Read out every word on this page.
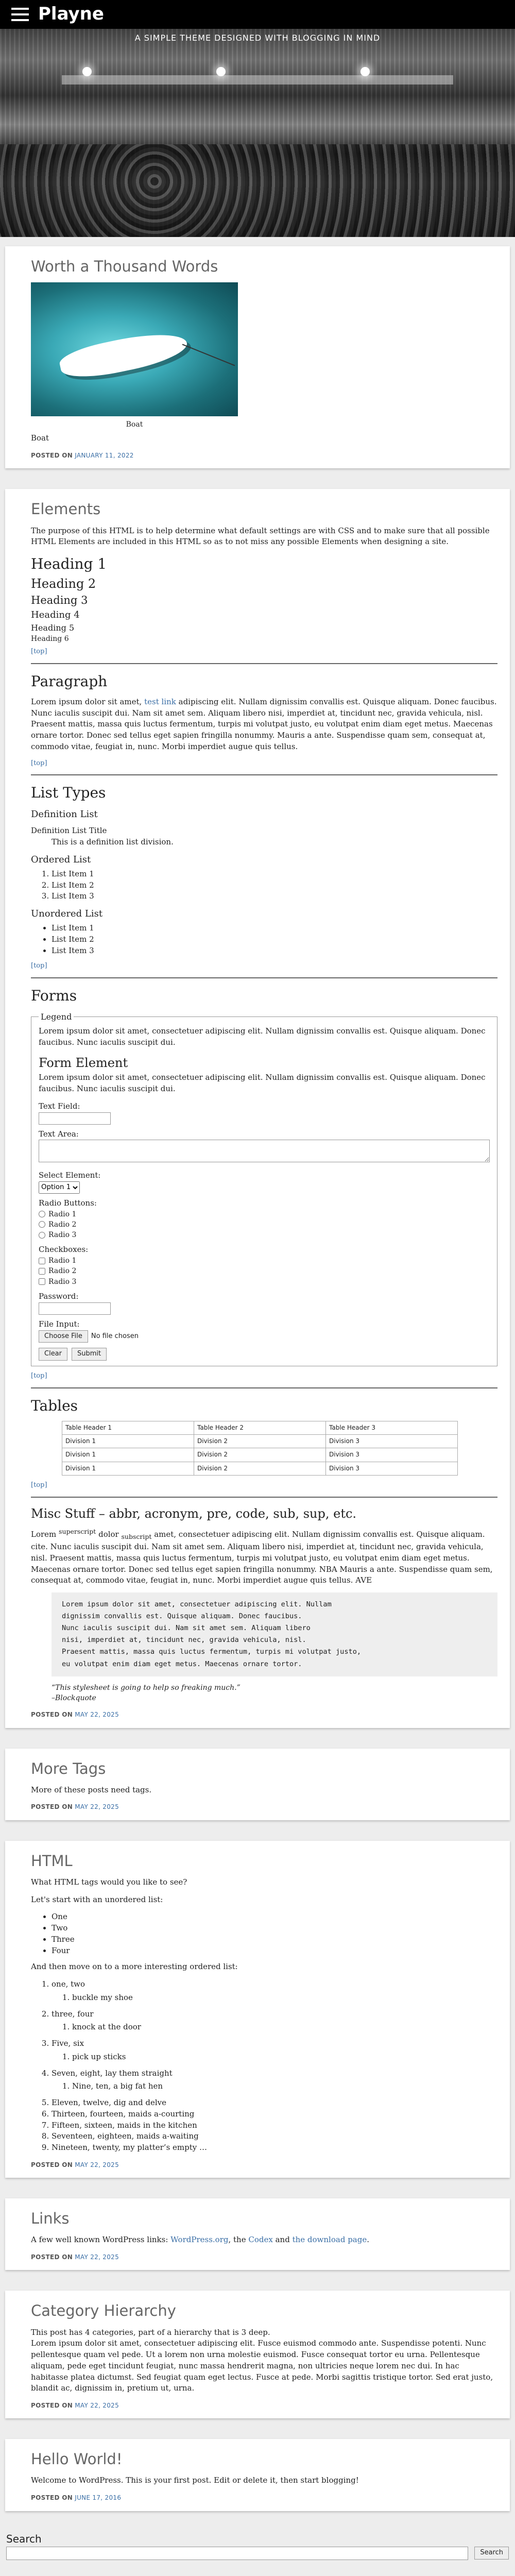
Playne
A SIMPLE THEME DESIGNED WITH BLOGGING IN MIND
Worth a Thousand Words
Boat

Boat

POSTED ON JANUARY 11, 2022
Elements

The purpose of this HTML is to help determine what default settings are with CSS and to make sure that all possible HTML Elements are included in this HTML so as to not miss any possible Elements when designing a site.

Heading 1
Heading 2
Heading 3
Heading 4
Heading 5
Heading 6
[top]
Paragraph

Lorem ipsum dolor sit amet, test link adipiscing elit. Nullam dignissim convallis est. Quisque aliquam. Donec faucibus. Nunc iaculis suscipit dui. Nam sit amet sem. Aliquam libero nisi, imperdiet at, tincidunt nec, gravida vehicula, nisl. Praesent mattis, massa quis luctus fermentum, turpis mi volutpat justo, eu volutpat enim diam eget metus. Maecenas ornare tortor. Donec sed tellus eget sapien fringilla nonummy. Mauris a ante. Suspendisse quam sem, consequat at, commodo vitae, feugiat in, nunc. Morbi imperdiet augue quis tellus.

[top]
List Types
Definition List
Definition List Title
This is a definition list division.
Ordered List
1. List Item 1
2. List Item 2
3. List Item 3
Unordered List
• List Item 1
• List Item 2
• List Item 3
[top]
Forms
Legend

Lorem ipsum dolor sit amet, consectetuer adipiscing elit. Nullam dignissim convallis est. Quisque aliquam. Donec faucibus. Nunc iaculis suscipit dui.

Form Element

Lorem ipsum dolor sit amet, consectetuer adipiscing elit. Nullam dignissim convallis est. Quisque aliquam. Donec faucibus. Nunc iaculis suscipit dui.

Text Field:
Text Area:
Select Element:
Option 1
Radio Buttons:
Radio 1
Radio 2
Radio 3
Checkboxes:
Radio 1
Radio 2
Radio 3
Password:
File Input:
Choose File	No file chosen
Clear	Submit
[top]
Tables
Table Header 1	Table Header 2	Table Header 3
Division 1	Division 2	Division 3
Division 1	Division 2	Division 3
Division 1	Division 2	Division 3
[top]
Misc Stuff – abbr, acronym, pre, code, sub, sup, etc.

Lorem $^{superscript}$ dolor $_{subscript}$ amet, consectetuer adipiscing elit. Nullam dignissim convallis est. Quisque aliquam. cite. Nunc iaculis suscipit dui. Nam sit amet sem. Aliquam libero nisi, imperdiet at, tincidunt nec, gravida vehicula, nisl. Praesent mattis, massa quis luctus fermentum, turpis mi volutpat justo, eu volutpat enim diam eget metus. Maecenas ornare tortor. Donec sed tellus eget sapien fringilla nonummy. NBA Mauris a ante. Suspendisse quam sem, consequat at, commodo vitae, feugiat in, nunc. Morbi imperdiet augue quis tellus. AVE

Lorem ipsum dolor sit amet, consectetuer adipiscing elit. Nullam
dignissim convallis est. Quisque aliquam. Donec faucibus.
Nunc iaculis suscipit dui. Nam sit amet sem. Aliquam libero
nisi, imperdiet at, tincidunt nec, gravida vehicula, nisl.
Praesent mattis, massa quis luctus fermentum, turpis mi volutpat justo,
eu volutpat enim diam eget metus. Maecenas ornare tortor.

“This stylesheet is going to help so freaking much.”

–Blockquote

POSTED ON MAY 22, 2025
More Tags

More of these posts need tags.

POSTED ON MAY 22, 2025
HTML

What HTML tags would you like to see?

Let's start with an unordered list:

• One
• Two
• Three
• Four

And then move on to a more interesting ordered list:

1. one, two
1. buckle my shoe
2. three, four
1. knock at the door
3. Five, six
1. pick up sticks
4. Seven, eight, lay them straight
1. Nine, ten, a big fat hen
5. Eleven, twelve, dig and delve
6. Thirteen, fourteen, maids a-courting
7. Fifteen, sixteen, maids in the kitchen
8. Seventeen, eighteen, maids a-waiting
9. Nineteen, twenty, my platter’s empty …
POSTED ON MAY 22, 2025
Links

A few well known WordPress links: WordPress.org, the Codex and the download page.

POSTED ON MAY 22, 2025
Category Hierarchy

This post has 4 categories, part of a hierarchy that is 3 deep.

Lorem ipsum dolor sit amet, consectetuer adipiscing elit. Fusce euismod commodo ante. Suspendisse potenti. Nunc pellentesque quam vel pede. Ut a lorem non urna molestie euismod. Fusce consequat tortor eu urna. Pellentesque aliquam, pede eget tincidunt feugiat, nunc massa hendrerit magna, non ultricies neque lorem nec dui. In hac habitasse platea dictumst. Sed feugiat quam eget lectus. Fusce at pede. Morbi sagittis tristique tortor. Sed erat justo, blandit ac, dignissim in, pretium ut, urna.

POSTED ON MAY 22, 2025
Hello World!

Welcome to WordPress. This is your first post. Edit or delete it, then start blogging!

POSTED ON JUNE 17, 2016
Search
Search
